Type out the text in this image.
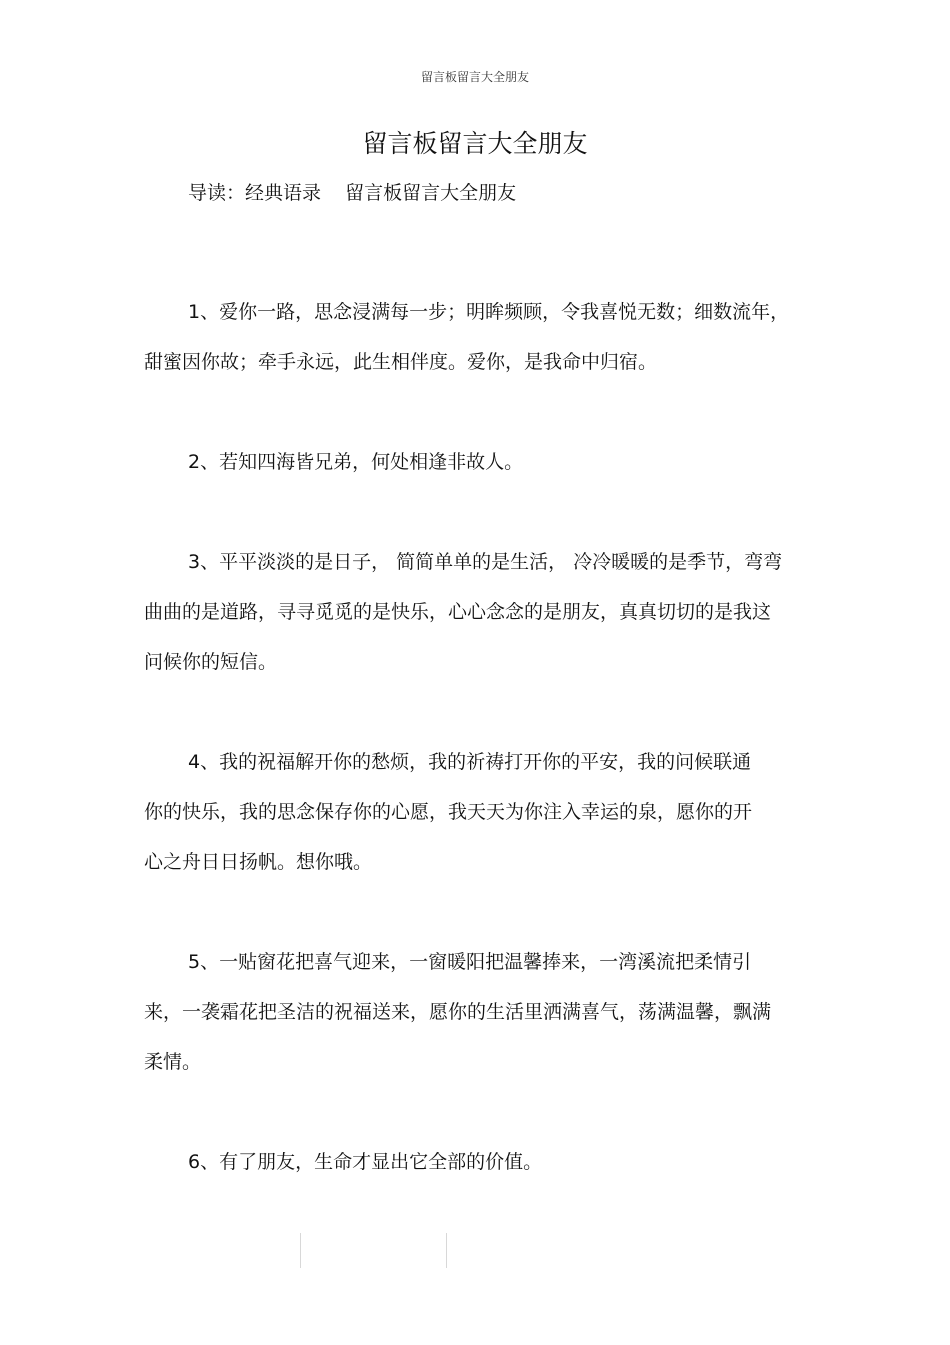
留言板留言大全朋友
留言板留言大全朋友
导读：经典语录    留言板留言大全朋友

1、爱你一路，思念浸满每一步；明眸频顾，令我喜悦无数；细数流年，甜蜜因你故；牵手永远，此生相伴度。爱你，是我命中归宿。

2、若知四海皆兄弟，何处相逢非故人。

3、平平淡淡的是日子， 简简单单的是生活， 冷冷暖暖的是季节，弯弯曲曲的是道路，寻寻觅觅的是快乐，心心念念的是朋友，真真切切的是我这问候你的短信。

4、我的祝福解开你的愁烦，我的祈祷打开你的平安，我的问候联通你的快乐，我的思念保存你的心愿，我天天为你注入幸运的泉，愿你的开心之舟日日扬帆。想你哦。

5、一贴窗花把喜气迎来，一窗暖阳把温馨捧来，一湾溪流把柔情引来，一袭霜花把圣洁的祝福送来，愿你的生活里洒满喜气，荡满温馨，飘满柔情。

6、有了朋友，生命才显出它全部的价值。
